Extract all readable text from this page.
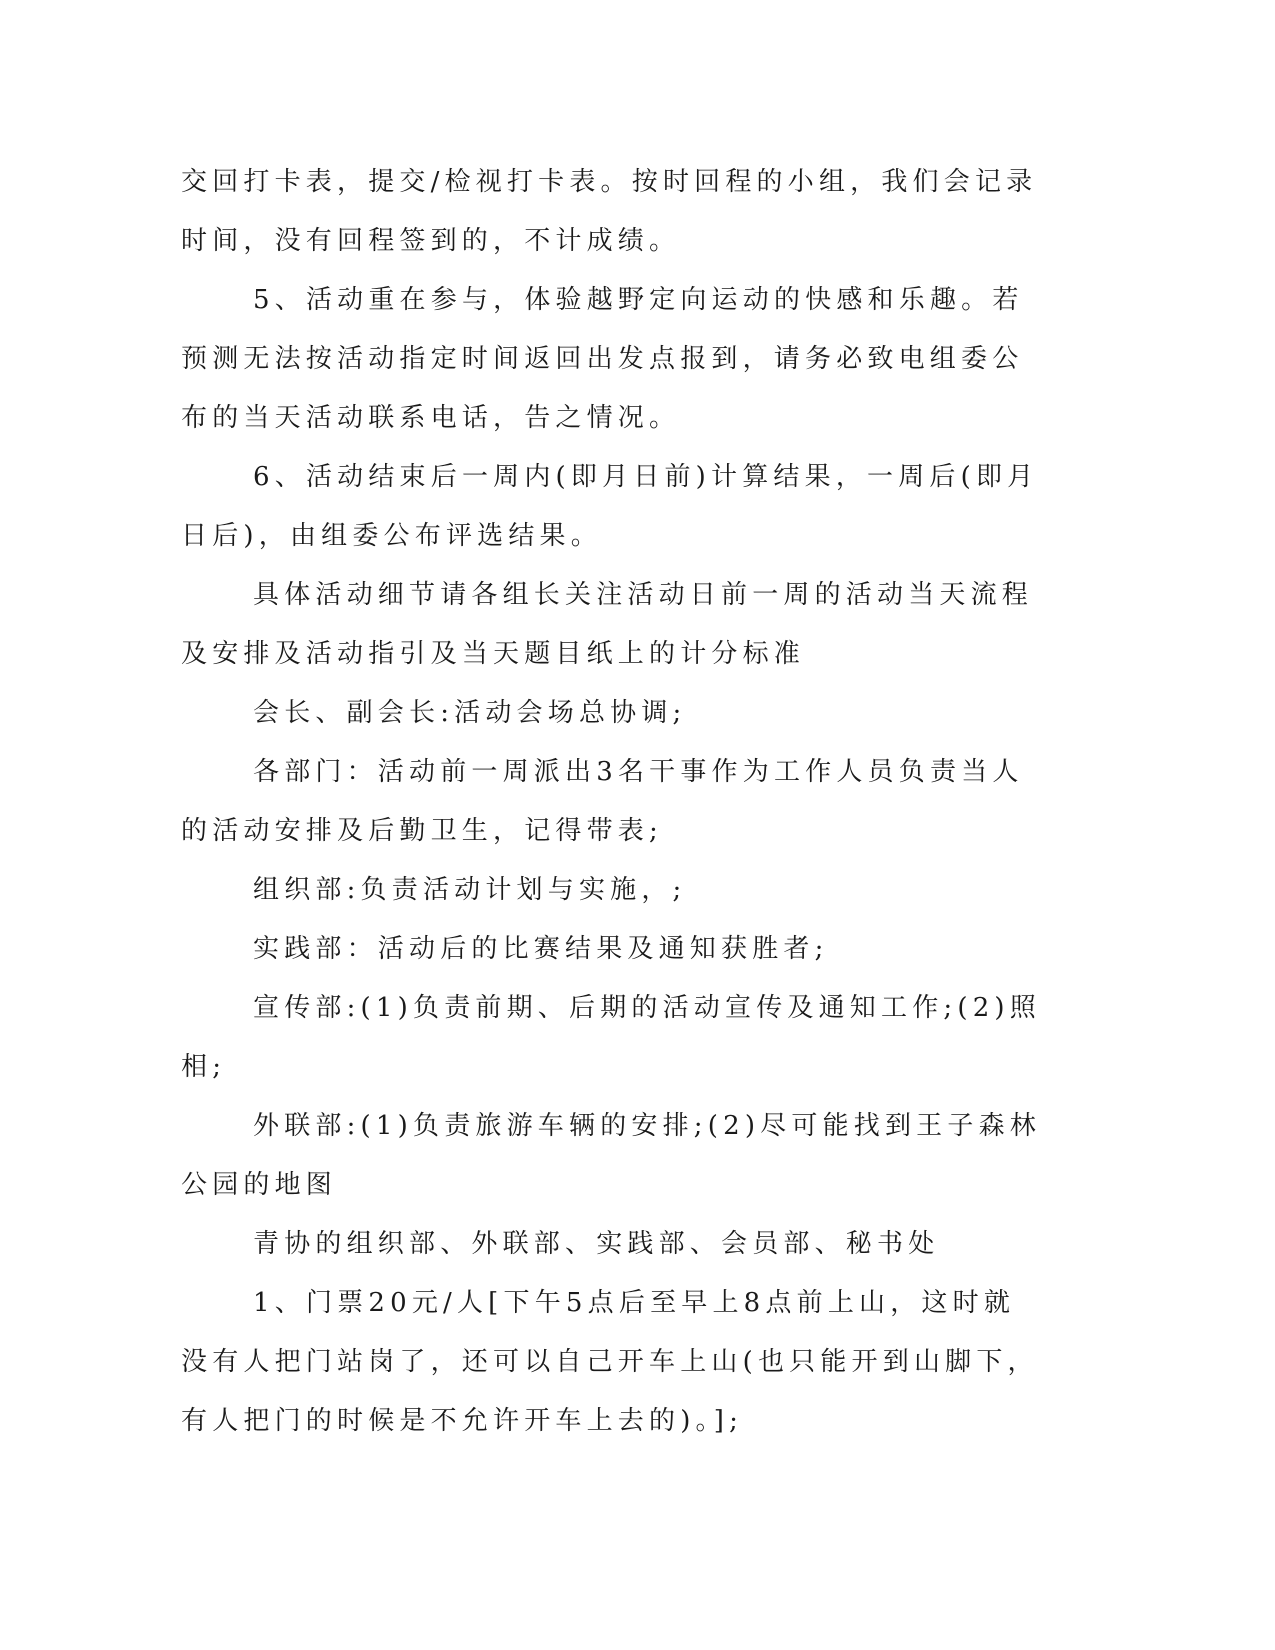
交回打卡表，提交/检视打卡表。按时回程的小组，我们会记录时间，没有回程签到的，不计成绩。

5、活动重在参与，体验越野定向运动的快感和乐趣。若预测无法按活动指定时间返回出发点报到，请务必致电组委公布的当天活动联系电话，告之情况。

6、活动结束后一周内(即月日前)计算结果，一周后(即月日后)，由组委公布评选结果。

具体活动细节请各组长关注活动日前一周的活动当天流程及安排及活动指引及当天题目纸上的计分标准

会长、副会长:活动会场总协调;

各部门：活动前一周派出3名干事作为工作人员负责当人的活动安排及后勤卫生，记得带表;

组织部:负责活动计划与实施，;

实践部：活动后的比赛结果及通知获胜者;

宣传部:(1)负责前期、后期的活动宣传及通知工作;(2)照相;

外联部:(1)负责旅游车辆的安排;(2)尽可能找到王子森林公园的地图

青协的组织部、外联部、实践部、会员部、秘书处

1、门票20元/人[下午5点后至早上8点前上山，这时就没有人把门站岗了，还可以自己开车上山(也只能开到山脚下，有人把门的时候是不允许开车上去的)。];
